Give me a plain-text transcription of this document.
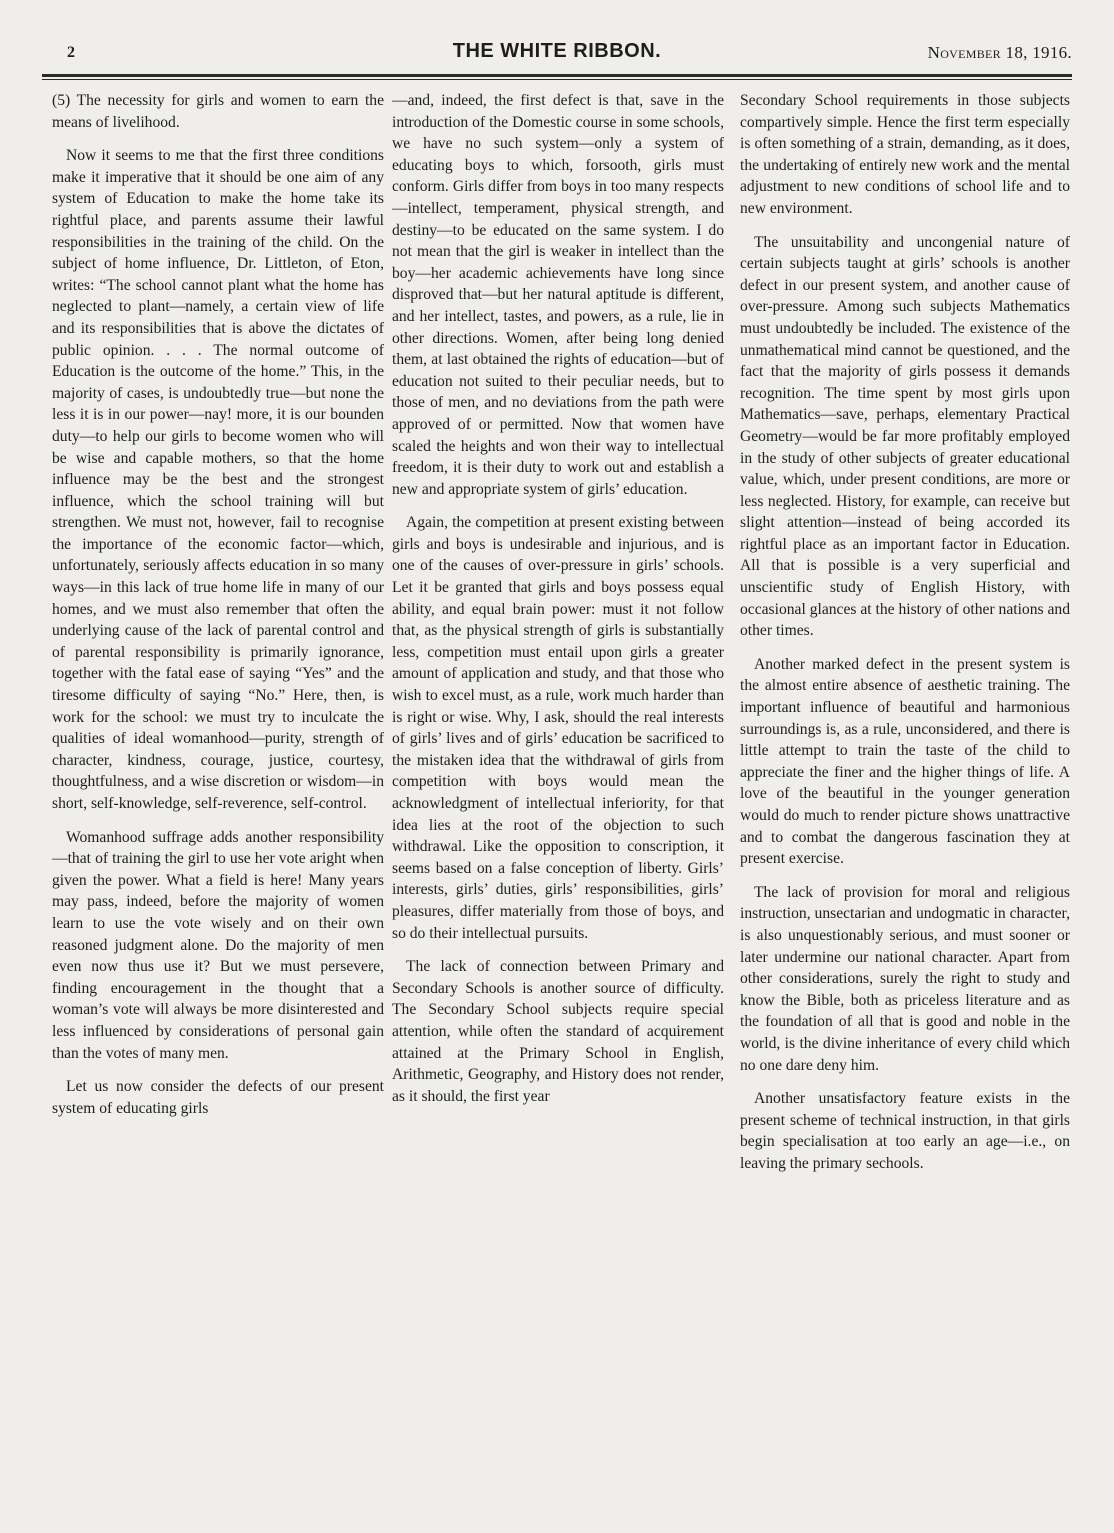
2	THE WHITE RIBBON.	November 18, 1916.

(5) The necessity for girls and women to earn the means of livelihood.

Now it seems to me that the first three conditions make it imperative that it should be one aim of any system of Education to make the home take its rightful place, and parents assume their lawful responsibilities in the training of the child. On the subject of home influence, Dr. Littleton, of Eton, writes: “The school cannot plant what the home has neglected to plant—namely, a certain view of life and its responsibilities that is above the dictates of public opinion. . . . The normal outcome of Education is the outcome of the home.” This, in the majority of cases, is undoubtedly true—but none the less it is in our power—nay! more, it is our bounden duty—to help our girls to become women who will be wise and capable mothers, so that the home influence may be the best and the strongest influence, which the school training will but strengthen. We must not, however, fail to recognise the importance of the economic factor—which, unfortunately, seriously affects education in so many ways—in this lack of true home life in many of our homes, and we must also remember that often the underlying cause of the lack of parental control and of parental responsibility is primarily ignorance, together with the fatal ease of saying “Yes” and the tiresome difficulty of saying “No.” Here, then, is work for the school: we must try to inculcate the qualities of ideal womanhood—purity, strength of character, kindness, courage, justice, courtesy, thoughtfulness, and a wise discretion or wisdom—in short, self-knowledge, self-reverence, self-control.

Womanhood suffrage adds another responsibility—that of training the girl to use her vote aright when given the power. What a field is here! Many years may pass, indeed, before the majority of women learn to use the vote wisely and on their own reasoned judgment alone. Do the majority of men even now thus use it? But we must persevere, finding encouragement in the thought that a woman’s vote will always be more disinterested and less influenced by considerations of personal gain than the votes of many men.

Let us now consider the defects of our present system of educating girls

—and, indeed, the first defect is that, save in the introduction of the Domestic course in some schools, we have no such system—only a system of educating boys to which, forsooth, girls must conform. Girls differ from boys in too many respects—intellect, temperament, physical strength, and destiny—to be educated on the same system. I do not mean that the girl is weaker in intellect than the boy—her academic achievements have long since disproved that—but her natural aptitude is different, and her intellect, tastes, and powers, as a rule, lie in other directions. Women, after being long denied them, at last obtained the rights of education—but of education not suited to their peculiar needs, but to those of men, and no deviations from the path were approved of or permitted. Now that women have scaled the heights and won their way to intellectual freedom, it is their duty to work out and establish a new and appropriate system of girls’ education.

Again, the competition at present existing between girls and boys is undesirable and injurious, and is one of the causes of over-pressure in girls’ schools. Let it be granted that girls and boys possess equal ability, and equal brain power: must it not follow that, as the physical strength of girls is substantially less, competition must entail upon girls a greater amount of application and study, and that those who wish to excel must, as a rule, work much harder than is right or wise. Why, I ask, should the real interests of girls’ lives and of girls’ education be sacrificed to the mistaken idea that the withdrawal of girls from competition with boys would mean the acknowledgment of intellectual inferiority, for that idea lies at the root of the objection to such withdrawal. Like the opposition to conscription, it seems based on a false conception of liberty. Girls’ interests, girls’ duties, girls’ responsibilities, girls’ pleasures, differ materially from those of boys, and so do their intellectual pursuits.

The lack of connection between Primary and Secondary Schools is another source of difficulty. The Secondary School subjects require special attention, while often the standard of acquirement attained at the Primary School in English, Arithmetic, Geography, and History does not render, as it should, the first year

Secondary School requirements in those subjects compartively simple. Hence the first term especially is often something of a strain, demanding, as it does, the undertaking of entirely new work and the mental adjustment to new conditions of school life and to new environment.

The unsuitability and uncongenial nature of certain subjects taught at girls’ schools is another defect in our present system, and another cause of over-pressure. Among such subjects Mathematics must undoubtedly be included. The existence of the unmathematical mind cannot be questioned, and the fact that the majority of girls possess it demands recognition. The time spent by most girls upon Mathematics—save, perhaps, elementary Practical Geometry—would be far more profitably employed in the study of other subjects of greater educational value, which, under present conditions, are more or less neglected. History, for example, can receive but slight attention—instead of being accorded its rightful place as an important factor in Education. All that is possible is a very superficial and unscientific study of English History, with occasional glances at the history of other nations and other times.

Another marked defect in the present system is the almost entire absence of aesthetic training. The important influence of beautiful and harmonious surroundings is, as a rule, unconsidered, and there is little attempt to train the taste of the child to appreciate the finer and the higher things of life. A love of the beautiful in the younger generation would do much to render picture shows unattractive and to combat the dangerous fascination they at present exercise.

The lack of provision for moral and religious instruction, unsectarian and undogmatic in character, is also unquestionably serious, and must sooner or later undermine our national character. Apart from other considerations, surely the right to study and know the Bible, both as priceless literature and as the foundation of all that is good and noble in the world, is the divine inheritance of every child which no one dare deny him.

Another unsatisfactory feature exists in the present scheme of technical instruction, in that girls begin specialisation at too early an age—i.e., on leaving the primary sechools.
